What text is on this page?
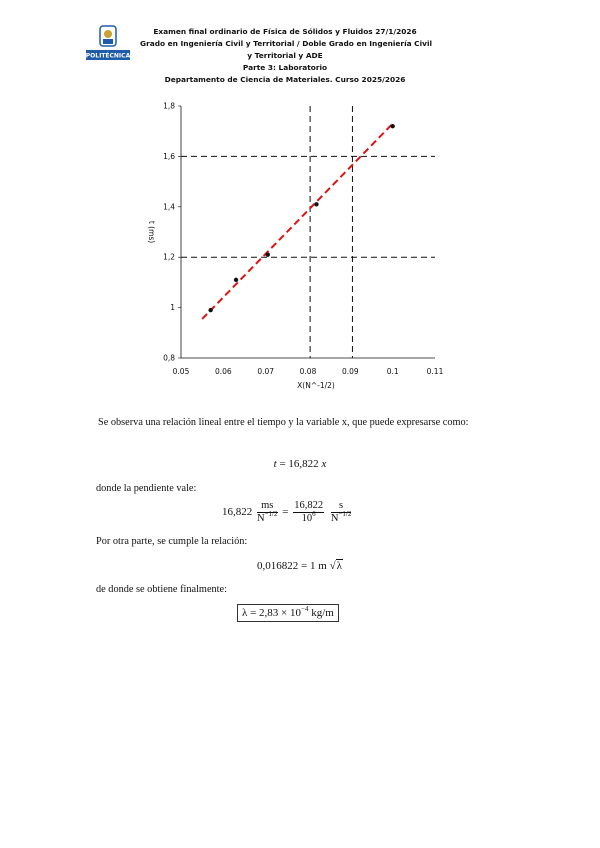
POLITÉCNICA
Examen final ordinario de Física de Sólidos y Fluidos 27/1/2026
Grado en Ingeniería Civil y Territorial / Doble Grado en Ingeniería Civil
y Territorial y ADE
Parte 3: Laboratorio
Departamento de Ciencia de Materiales. Curso 2025/2026
0.05	0.06	0.07	0.08	0.09	0.1	0.11
0,8
1
1,2
1,4
1,6
1,8
X(N^-1/2)
t (ms)
Se observa una relación lineal entre el tiempo y la variable x, que puede expresarse como:
t = 16,822 x
donde la pendiente vale:
$16,822 \frac{ms}{N^{-1/2}} = \frac{16,822}{10^6}$
$\frac{s}{N^{-1/2}}$
Por otra parte, se cumple la relación:
0,016822 = 1 m √λ
de donde se obtiene finalmente:
$\lambda = 2,83 \times 10^{-4}$ kg/m
